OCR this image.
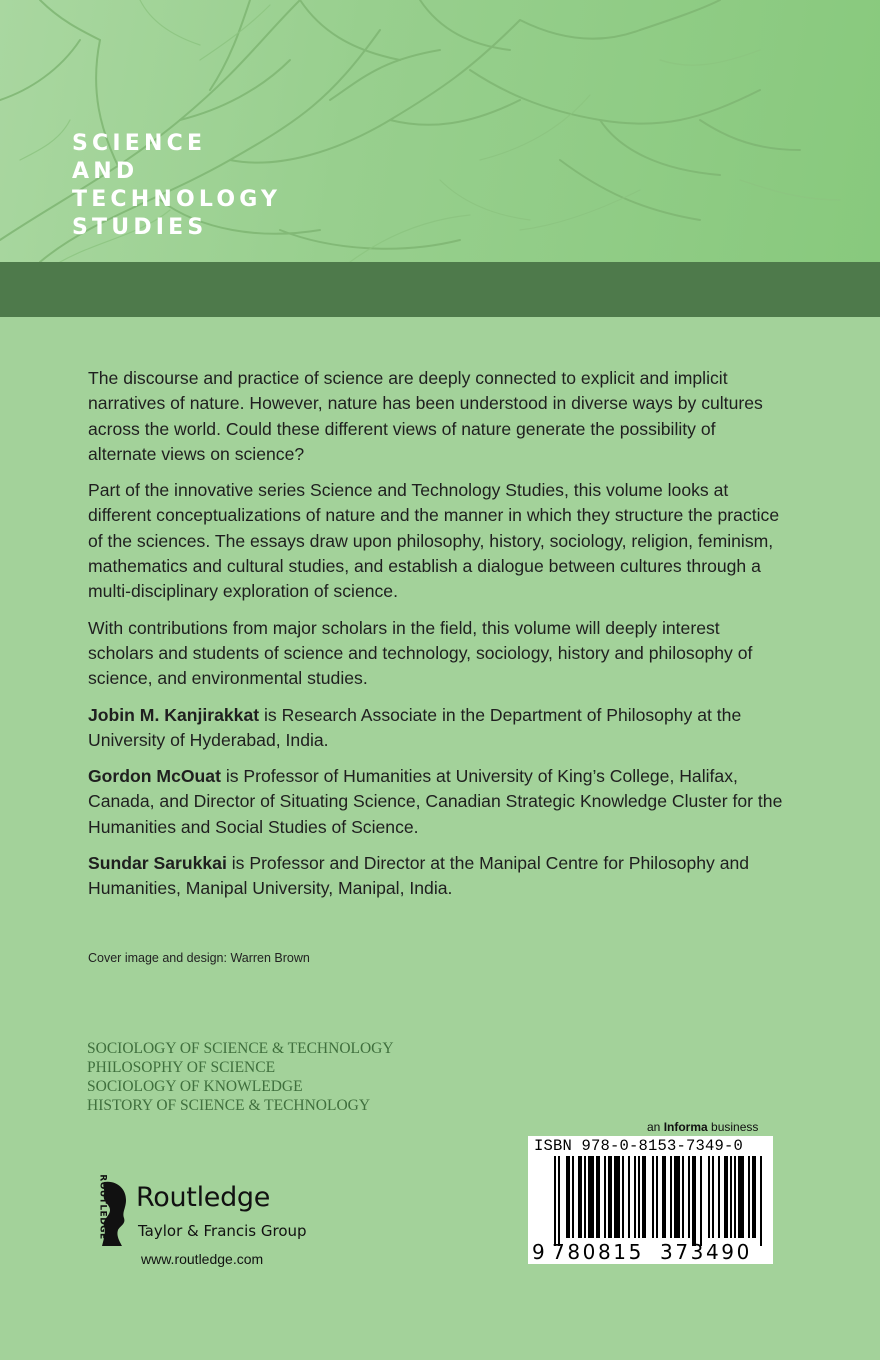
SCIENCE
AND
TECHNOLOGY
STUDIES

The discourse and practice of science are deeply connected to explicit and implicit narratives of nature. However, nature has been understood in diverse ways by cultures across the world. Could these different views of nature generate the possibility of alternate views on science?

Part of the innovative series Science and Technology Studies, this volume looks at different conceptualizations of nature and the manner in which they structure the practice of the sciences. The essays draw upon philosophy, history, sociology, religion, feminism, mathematics and cultural studies, and establish a dialogue between cultures through a multi-disciplinary exploration of science.

With contributions from major scholars in the field, this volume will deeply interest scholars and students of science and technology, sociology, history and philosophy of science, and environmental studies.

Jobin M. Kanjirakkat is Research Associate in the Department of Philosophy at the University of Hyderabad, India.

Gordon McOuat is Professor of Humanities at University of King’s College, Halifax, Canada, and Director of Situating Science, Canadian Strategic Knowledge Cluster for the Humanities and Social Studies of Science.

Sundar Sarukkai is Professor and Director at the Manipal Centre for Philosophy and Humanities, Manipal University, Manipal, India.

Cover image and design: Warren Brown
SOCIOLOGY OF SCIENCE & TECHNOLOGY
PHILOSOPHY OF SCIENCE
SOCIOLOGY OF KNOWLEDGE
HISTORY OF SCIENCE & TECHNOLOGY
ROUTLEDGE Routledge
Taylor & Francis Group
www.routledge.com
an Informa business
ISBN 978-0-8153-7349-0
9 780815 373490
